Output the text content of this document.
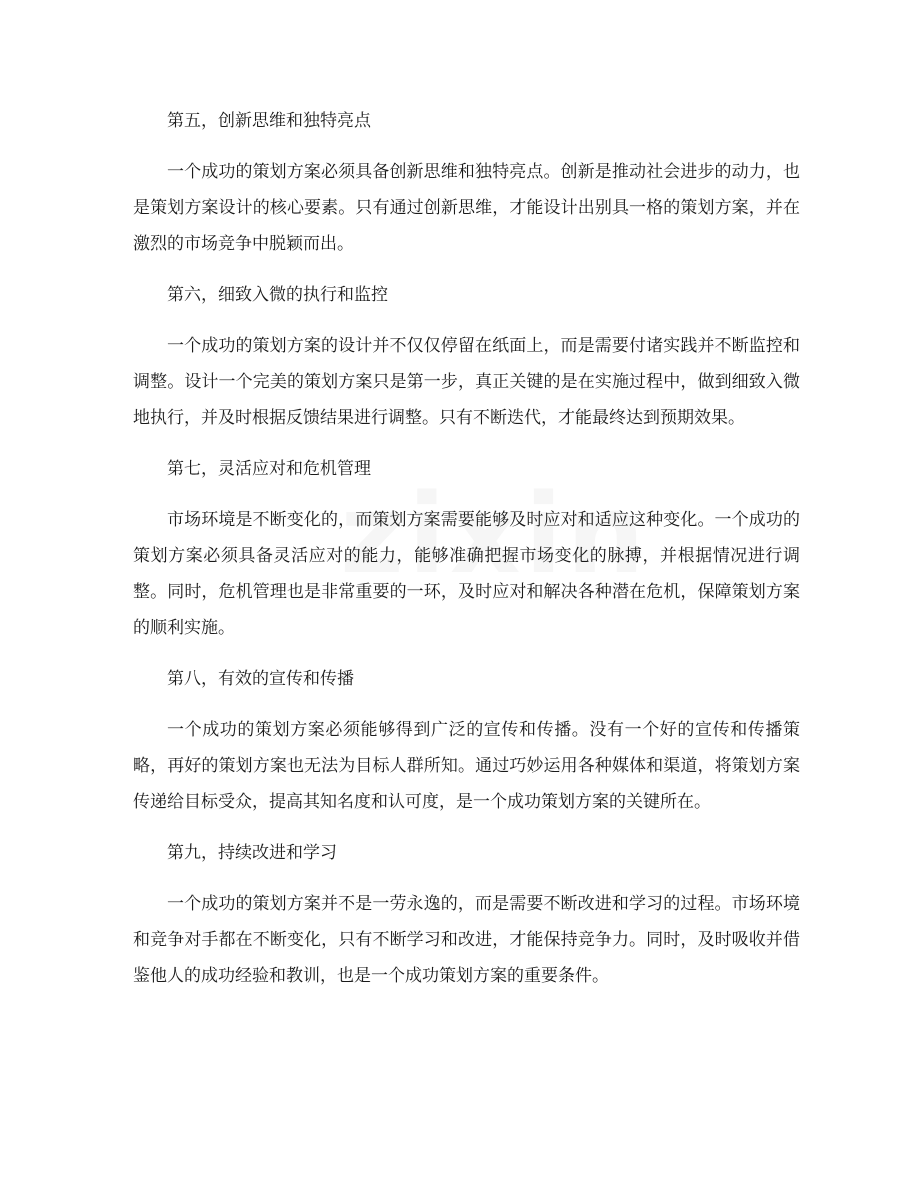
第五，创新思维和独特亮点

一个成功的策划方案必须具备创新思维和独特亮点。创新是推动社会进步的动力，也是策划方案设计的核心要素。只有通过创新思维，才能设计出别具一格的策划方案，并在激烈的市场竞争中脱颖而出。

第六，细致入微的执行和监控

一个成功的策划方案的设计并不仅仅停留在纸面上，而是需要付诸实践并不断监控和调整。设计一个完美的策划方案只是第一步，真正关键的是在实施过程中，做到细致入微地执行，并及时根据反馈结果进行调整。只有不断迭代，才能最终达到预期效果。

第七，灵活应对和危机管理

市场环境是不断变化的，而策划方案需要能够及时应对和适应这种变化。一个成功的策划方案必须具备灵活应对的能力，能够准确把握市场变化的脉搏，并根据情况进行调整。同时，危机管理也是非常重要的一环，及时应对和解决各种潜在危机，保障策划方案的顺利实施。

第八，有效的宣传和传播

一个成功的策划方案必须能够得到广泛的宣传和传播。没有一个好的宣传和传播策略，再好的策划方案也无法为目标人群所知。通过巧妙运用各种媒体和渠道，将策划方案传递给目标受众，提高其知名度和认可度，是一个成功策划方案的关键所在。

第九，持续改进和学习

一个成功的策划方案并不是一劳永逸的，而是需要不断改进和学习的过程。市场环境和竞争对手都在不断变化，只有不断学习和改进，才能保持竞争力。同时，及时吸收并借鉴他人的成功经验和教训，也是一个成功策划方案的重要条件。
